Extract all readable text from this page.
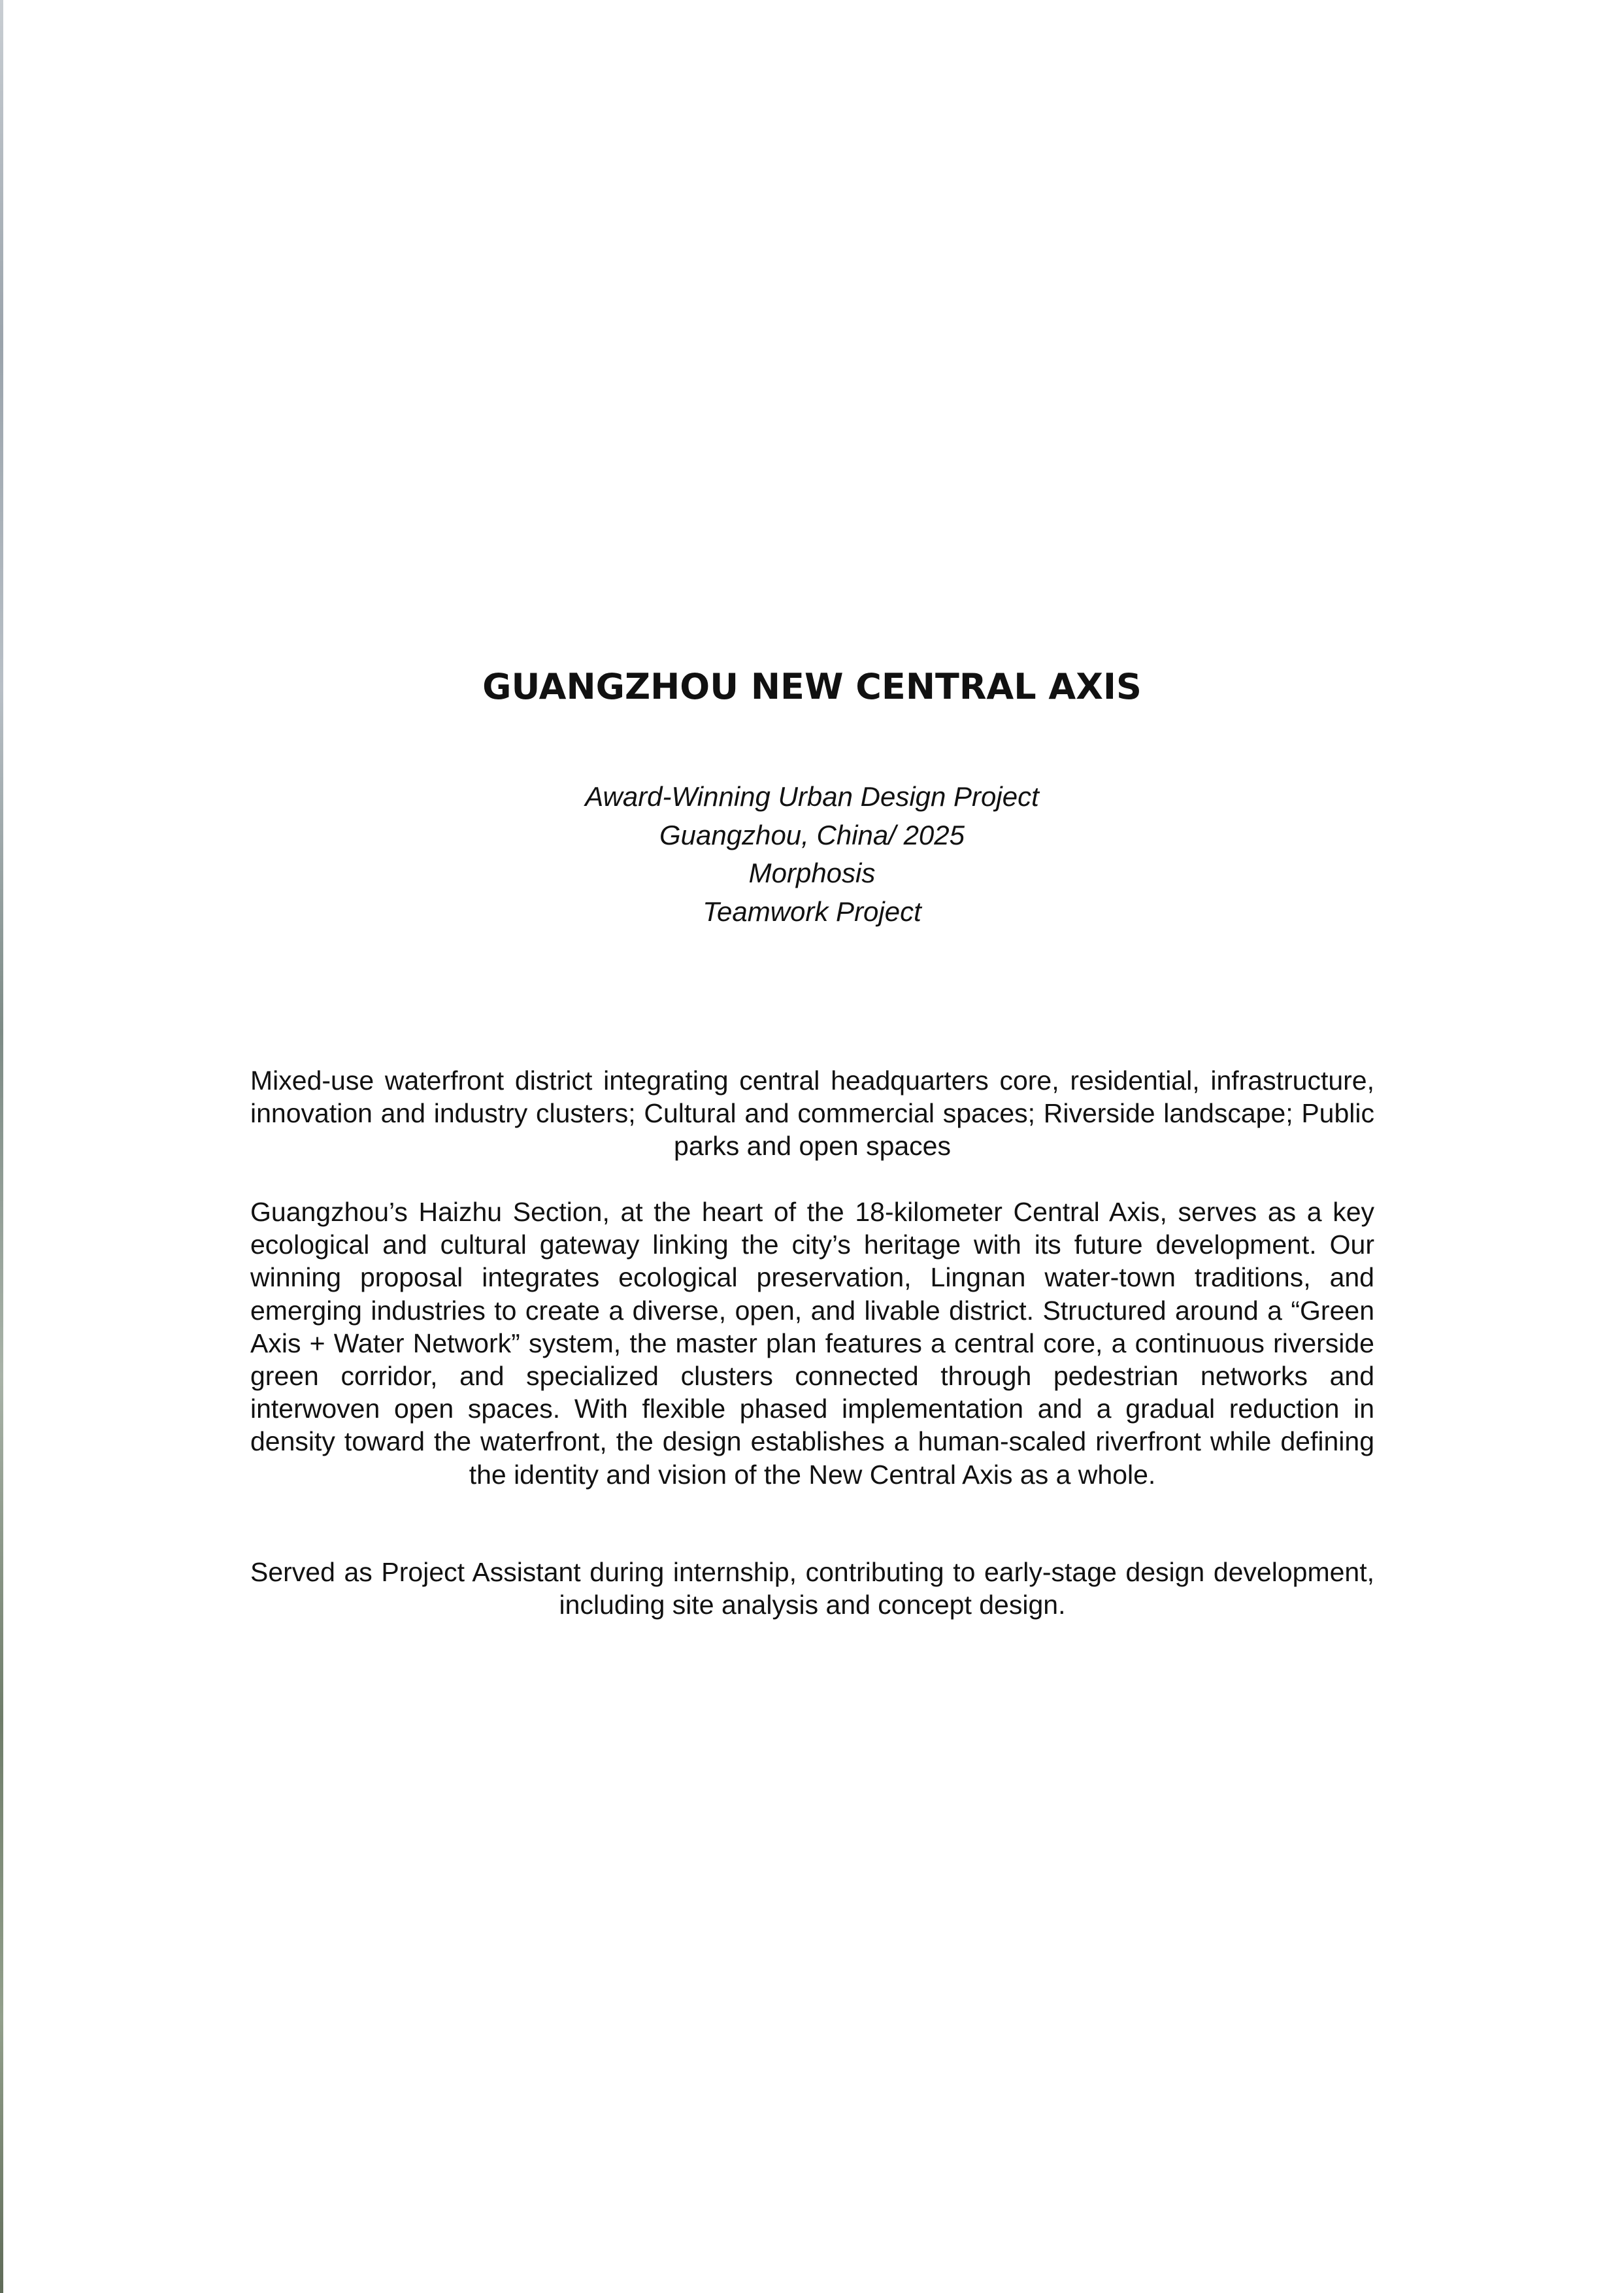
GUANGZHOU NEW CENTRAL AXIS
Award-Winning Urban Design Project
Guangzhou, China/ 2025
Morphosis
Teamwork Project

Mixed-use waterfront district integrating central headquarters core, residential, infrastructure, innovation and industry clusters; Cultural and commercial spaces; Riverside landscape; Public parks and open spaces

Guangzhou’s Haizhu Section, at the heart of the 18-kilometer Central Axis, serves as a key ecological and cultural gateway linking the city’s heritage with its future development. Our winning proposal integrates ecological preservation, Lingnan water-town traditions, and emerging industries to create a diverse, open, and livable district. Structured around a “Green Axis + Water Network” system, the master plan features a central core, a continuous riverside green corridor, and specialized clusters connected through pedestrian networks and interwoven open spaces. With flexible phased implementation and a gradual reduction in density toward the waterfront, the design establishes a human-scaled riverfront while defining the identity and vision of the New Central Axis as a whole.

Served as Project Assistant during internship, contributing to early-stage design development, including site analysis and concept design.
